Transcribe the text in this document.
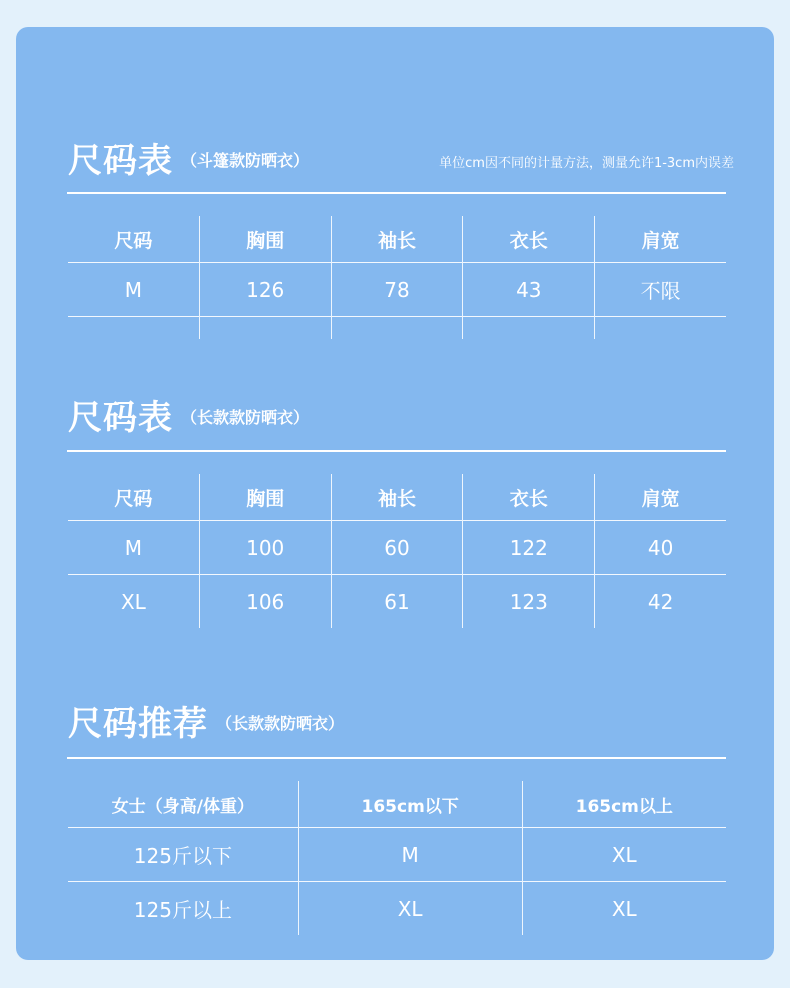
尺码表 （斗篷款防晒衣）	单位cm因不同的计量方法，测量允许1-3cm内误差
尺码	胸围	袖长	衣长	肩宽
M	126	78	43	不限

尺码表 （长款款防晒衣）
尺码	胸围	袖长	衣长	肩宽
M	100	60	122	40
XL	106	61	123	42
尺码推荐 （长款款防晒衣）
女士（身高/体重）	165cm以下	165cm以上
125斤以下	M	XL
125斤以上	XL	XL
